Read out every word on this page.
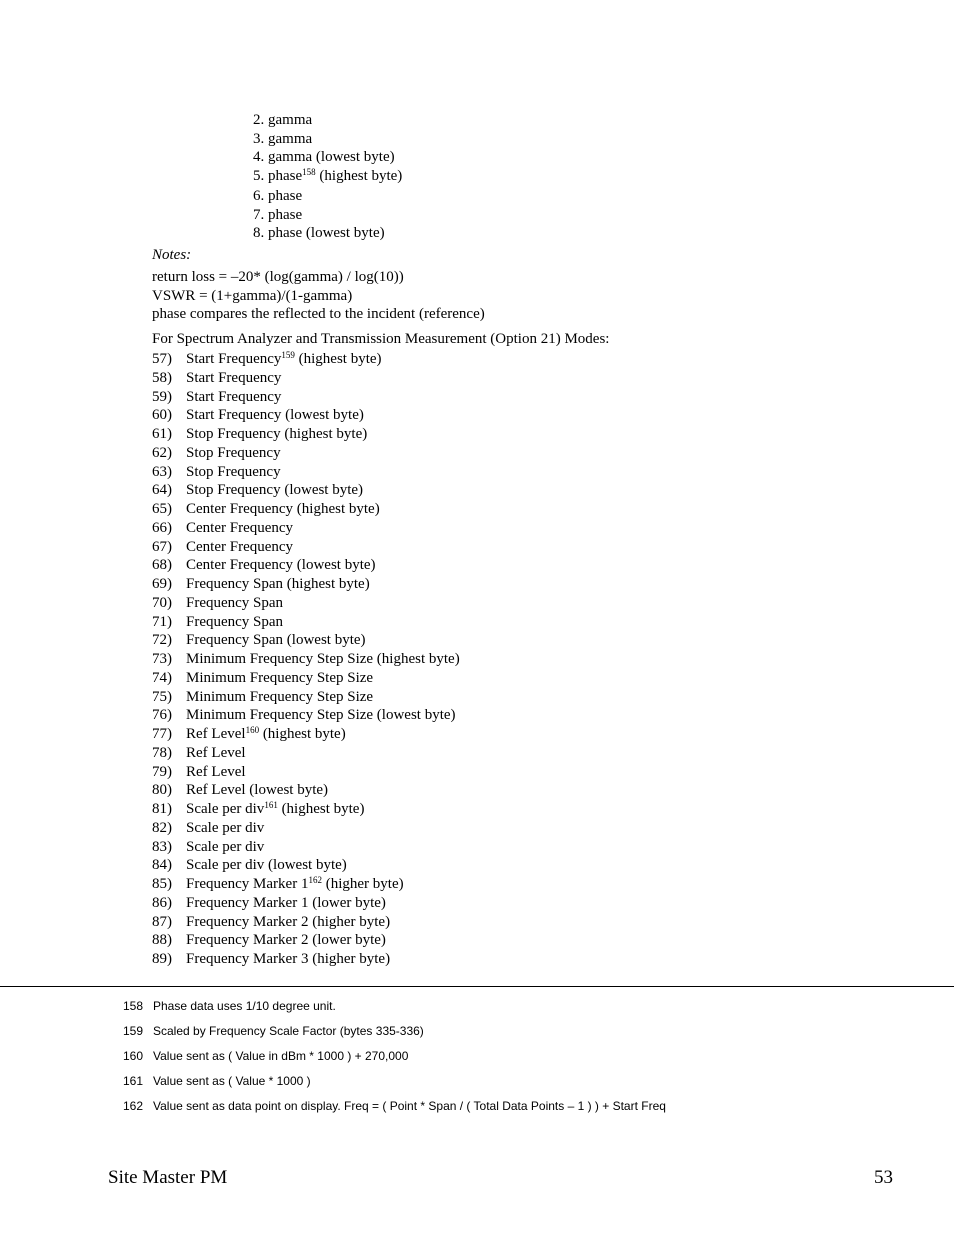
2. gamma
3. gamma
4. gamma (lowest byte)
5. phase$^{158}$ (highest byte)
6. phase
7. phase
8. phase (lowest byte)
Notes:
return loss = –20* (log(gamma) / log(10))
VSWR = (1+gamma)/(1-gamma)
phase compares the reflected to the incident (reference)
For Spectrum Analyzer and Transmission Measurement (Option 21) Modes:
57) Start Frequency$^{159}$ (highest byte)
58) Start Frequency
59) Start Frequency
60) Start Frequency (lowest byte)
61) Stop Frequency (highest byte)
62) Stop Frequency
63) Stop Frequency
64) Stop Frequency (lowest byte)
65) Center Frequency (highest byte)
66) Center Frequency
67) Center Frequency
68) Center Frequency (lowest byte)
69) Frequency Span (highest byte)
70) Frequency Span
71) Frequency Span
72) Frequency Span (lowest byte)
73) Minimum Frequency Step Size (highest byte)
74) Minimum Frequency Step Size
75) Minimum Frequency Step Size
76) Minimum Frequency Step Size (lowest byte)
77) Ref Level$^{160}$ (highest byte)
78) Ref Level
79) Ref Level
80) Ref Level (lowest byte)
81) Scale per div$^{161}$ (highest byte)
82) Scale per div
83) Scale per div
84) Scale per div (lowest byte)
85) Frequency Marker $1^{162}$ (higher byte)
86) Frequency Marker 1 (lower byte)
87) Frequency Marker 2 (higher byte)
88) Frequency Marker 2 (lower byte)
89) Frequency Marker 3 (higher byte)
158 Phase data uses 1/10 degree unit.
159 Scaled by Frequency Scale Factor (bytes 335-336)
160 Value sent as ( Value in dBm * 1000 ) + 270,000
161 Value sent as ( Value * 1000 )
162 Value sent as data point on display. Freq = ( Point * Span / ( Total Data Points – 1 ) ) + Start Freq
Site Master PM	53
